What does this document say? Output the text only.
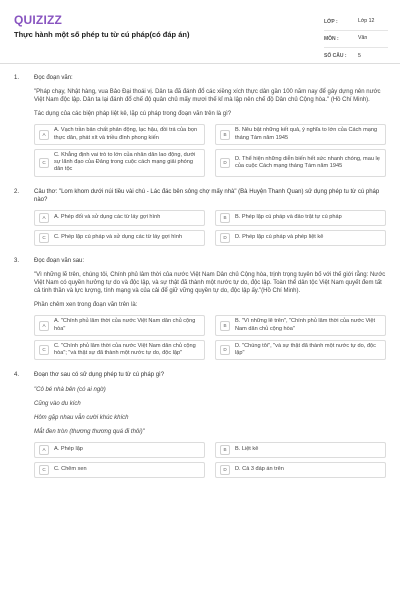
QUIZIZZ
Thực hành một số phép tu từ cú pháp(có đáp án)
LỚP :	Lớp 12
MÔN :	Văn
SỐ CÂU :	5
1. Đọc đoạn văn:
"Pháp chạy, Nhật hàng, vua Bảo Đại thoái vị. Dân ta đã đánh đổ các xiềng xích thực dân gần 100 năm nay để gây dựng nên nước Việt Nam độc lập. Dân ta lại đánh đổ chế độ quân chủ mấy mươi thế kỉ mà lập nên chế độ Dân chủ Cộng hòa." (Hồ Chí Minh).
Tác dụng của các biện pháp liệt kê, lặp cú pháp trong đoạn văn trên là gì?
A
A. Vạch trần bản chất phản động, lạc hậu, đồi trá của bọn thực dân, phát xít và triều đình phong kiến
B
B. Nêu bật những kết quả, ý nghĩa to lớn của Cách mạng tháng Tám năm 1945
C
C. Khẳng định vai trò to lớn của nhân dân lao động, dưới sự lãnh đạo của Đảng trong cuộc cách mạng giải phóng dân tộc
D
D. Thể hiện những diễn biến hết sức nhanh chóng, mau lẹ của cuộc Cách mạng tháng Tám năm 1945
2. Câu thơ: "Lom khom dưới núi tiều vài chú - Lác đác bên sông chợ mấy nhà" (Bà Huyện Thanh Quan) sử dụng phép tu từ cú pháp nào?
A	A. Phép đối và sử dụng các từ láy gợi hình	B	B. Phép lặp cú pháp và đảo trật tự cú pháp
C	C. Phép lặp cú pháp và sử dụng các từ láy gợi hình	D	D. Phép lặp cú pháp và phép liệt kê
3. Đọc đoạn văn sau:
"Vì những lẽ trên, chúng tôi, Chính phủ lâm thời của nước Việt Nam Dân chủ Cộng hòa, trịnh trọng tuyên bố với thế giới rằng: Nước Việt Nam có quyền hưởng tự do và độc lập, và sự thật đã thành một nước tự do, độc lập. Toàn thể dân tộc Việt Nam quyết đem tất cả tinh thần và lực lượng, tính mạng và của cải để giữ vững quyền tự do, độc lập ấy."(Hồ Chí Minh).
Phần chêm xen trong đoạn văn trên là:
A
A. "Chính phủ lâm thời của nước Việt Nam dân chủ cộng hòa"
B
B. "Vì những lẽ trên", "Chính phủ lâm thời của nước Việt Nam dân chủ cộng hòa"
C
C. "Chính phủ lâm thời của nước Việt Nam dân chủ cộng hòa"; "và thật sự đã thành một nước tự do, độc lập"
D
D. "Chúng tôi", "và sự thật đã thành một nước tự do, độc lập"
4. Đoạn thơ sau có sử dụng phép tu từ cú pháp gì?
"Cô bé nhà bên (có ai ngờ)
Cũng vào du kích
Hôm gặp nhau vẫn cười khúc khích
Mắt đen tròn (thương thương quá đi thôi)"
A	A. Phép lặp	B	B. Liệt kê
C	C. Chêm xen	D	D. Cả 3 đáp án trên
